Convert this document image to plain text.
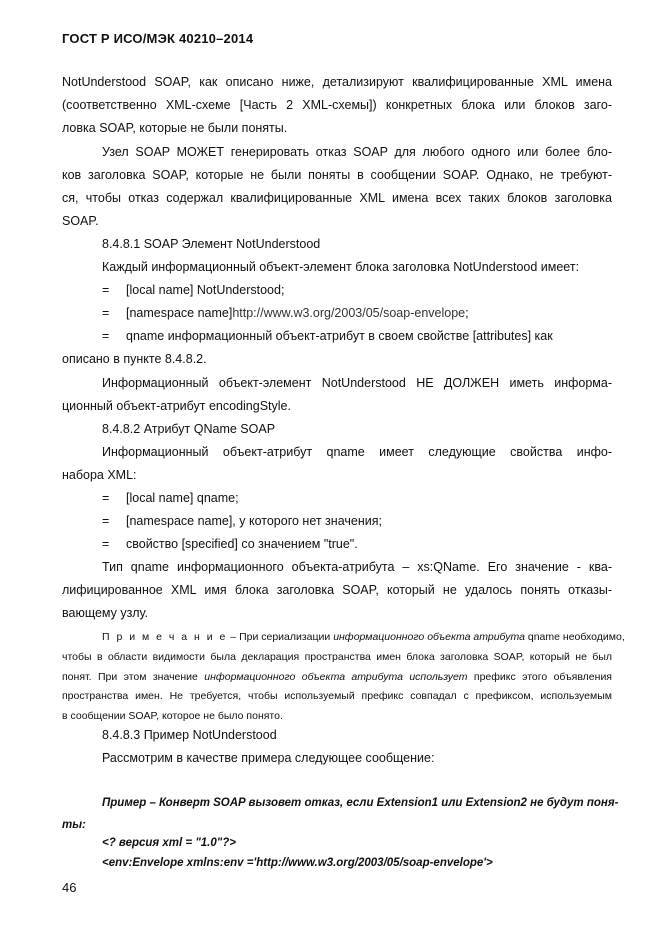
ГОСТ Р ИСО/МЭК 40210–2014
NotUnderstood SOAP, как описано ниже, детализируют квалифицированные XML имена
(соответственно XML-схеме [Часть 2 XML-схемы]) конкретных блока или блоков заго-
ловка SOAP, которые не были поняты.
Узел SOAP МОЖЕТ генерировать отказ SOAP для любого одного или более бло-
ков заголовка SOAP, которые не были поняты в сообщении SOAP. Однако, не требуют-
ся, чтобы отказ содержал квалифицированные XML имена всех таких блоков заголовка
SOAP.
8.4.8.1 SOAP Элемент NotUnderstood
Каждый информационный объект-элемент блока заголовка NotUnderstood имеет:
= [local name] NotUnderstood;
= [namespace name]http://www.w3.org/2003/05/soap-envelope;
= qname информационный объект-атрибут в своем свойстве [attributes] как
описано в пункте 8.4.8.2.
Информационный объект-элемент NotUnderstood НЕ ДОЛЖЕН иметь информа-
ционный объект-атрибут encodingStyle.
8.4.8.2 Атрибут QName SOAP
Информационный объект-атрибут qname имеет следующие свойства инфо-
набора XML:
= [local name] qname;
= [namespace name], у которого нет значения;
= свойство [specified] со значением "true".
Тип qname информационного объекта-атрибута – xs:QName. Его значение - ква-
лифицированное XML имя блока заголовка SOAP, который не удалось понять отказы-
вающему узлу.
П р и м е ч а н и е – При сериализации информационного объекта атрибута qname необходимо,
чтобы в области видимости была декларация пространства имен блока заголовка SOAP, который не был
понят. При этом значение информационного объекта атрибута использует префикс этого объявления
пространства имен. Не требуется, чтобы используемый префикс совпадал с префиксом, используемым
в сообщении SOAP, которое не было понято.
8.4.8.3 Пример NotUnderstood
Рассмотрим в качестве примера следующее сообщение:
Пример – Конверт SOAP вызовет отказ, если Extension1 или Extension2 не будут поня-
ты:
<? версия xml = "1.0"?>
<env:Envelope xmlns:env ='http://www.w3.org/2003/05/soap-envelope'>
46
